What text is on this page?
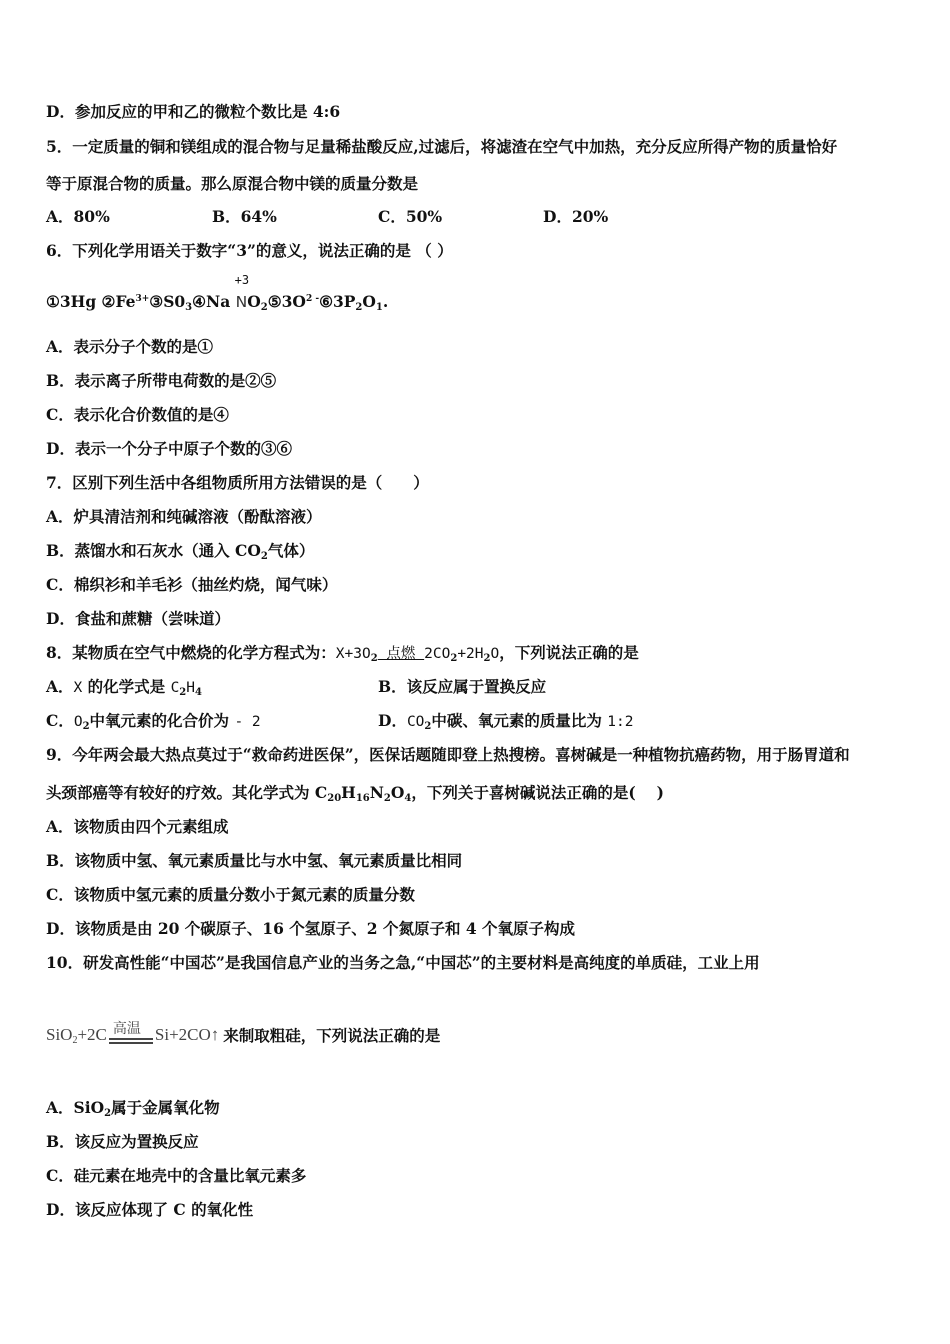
D．参加反应的甲和乙的微粒个数比是 4:6
5．一定质量的铜和镁组成的混合物与足量稀盐酸反应,过滤后，将滤渣在空气中加热，充分反应所得产物的质量恰好
等于原混合物的质量。那么原混合物中镁的质量分数是
A．80%	B．64%	C．50%	D．20%
6．下列化学用语关于数字“3”的意义，说法正确的是 （ ）
①3Hg $②Fe^{3+}③S0_3④Na$
+3
$NO_2⑤3O^{2 -}⑥3P_2O_1$.
A．表示分子个数的是①
B．表示离子所带电荷数的是②⑤
C．表示化合价数值的是④
D．表示一个分子中原子个数的③⑥
7．区别下列生活中各组物质所用方法错误的是（　　）
A．炉具清洁剂和纯碱溶液（酚酞溶液）
B．蒸馏水和石灰水（通入 $CO_2$气体）
C．棉织衫和羊毛衫（抽丝灼烧，闻气味）
D．食盐和蔗糖（尝味道）
8．某物质在空气中燃烧的化学方程式为：$X+3O_2$ 点燃 $2CO_2+2H_2O$，下列说法正确的是
A．X 的化学式是 $C_2H_4$	B．该反应属于置换反应
C．$O_2$中氧元素的化合价为 - 2	D．$CO_2$中碳、氧元素的质量比为 1:2
9．今年两会最大热点莫过于“救命药进医保”，医保话题随即登上热搜榜。喜树碱是一种植物抗癌药物，用于肠胃道和
头颈部癌等有较好的疗效。其化学式为 $C_{20}H_{16}N_2O_4$，下列关于喜树碱说法正确的是(　 )
A．该物质由四个元素组成
B．该物质中氢、氧元素质量比与水中氢、氧元素质量比相同
C．该物质中氢元素的质量分数小于氮元素的质量分数
D．该物质是由 20 个碳原子、16 个氢原子、2 个氮原子和 4 个氧原子构成
10．研发高性能“中国芯”是我国信息产业的当务之急,“中国芯”的主要材料是高纯度的单质硅，工业上用
SiO$_2$+2C 高温 Si+2CO↑ 来制取粗硅，下列说法正确的是
A．SiO$_2$属于金属氧化物
B．该反应为置换反应
C．硅元素在地壳中的含量比氧元素多
D．该反应体现了 C 的氧化性
